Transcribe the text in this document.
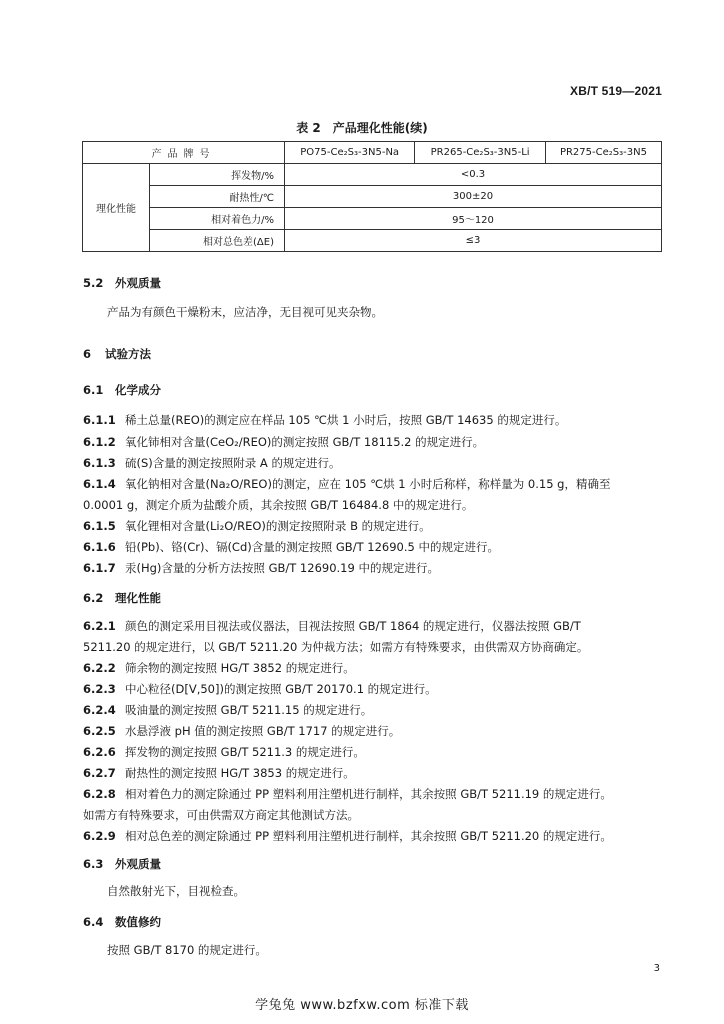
XB/T 519—2021
表 2　产品理化性能(续)
产品牌号		PO75-Ce₂S₃-3N5-Na	PR265-Ce₂S₃-3N5-Li	PR275-Ce₂S₃-3N5
理化性能	挥发物/%	<0.3		
	耐热性/℃	300±20		
	相对着色力/%	95～120		
	相对总色差(ΔE)	≤3		
5.2 外观质量
产品为有颜色干燥粉末，应洁净，无目视可见夹杂物。
6 试验方法
6.1 化学成分
6.1.1 稀土总量(REO)的测定应在样品 105 ℃烘 1 小时后，按照 GB/T 14635 的规定进行。
6.1.2 氧化铈相对含量(CeO₂/REO)的测定按照 GB/T 18115.2 的规定进行。
6.1.3 硫(S)含量的测定按照附录 A 的规定进行。
6.1.4 氧化钠相对含量(Na₂O/REO)的测定，应在 105 ℃烘 1 小时后称样，称样量为 0.15 g，精确至
0.0001 g，测定介质为盐酸介质，其余按照 GB/T 16484.8 中的规定进行。
6.1.5 氧化锂相对含量(Li₂O/REO)的测定按照附录 B 的规定进行。
6.1.6 铅(Pb)、铬(Cr)、镉(Cd)含量的测定按照 GB/T 12690.5 中的规定进行。
6.1.7 汞(Hg)含量的分析方法按照 GB/T 12690.19 中的规定进行。
6.2 理化性能
6.2.1 颜色的测定采用目视法或仪器法，目视法按照 GB/T 1864 的规定进行，仪器法按照 GB/T
5211.20 的规定进行，以 GB/T 5211.20 为仲裁方法；如需方有特殊要求，由供需双方协商确定。
6.2.2 筛余物的测定按照 HG/T 3852 的规定进行。
6.2.3 中心粒径(D[V,50])的测定按照 GB/T 20170.1 的规定进行。
6.2.4 吸油量的测定按照 GB/T 5211.15 的规定进行。
6.2.5 水悬浮液 pH 值的测定按照 GB/T 1717 的规定进行。
6.2.6 挥发物的测定按照 GB/T 5211.3 的规定进行。
6.2.7 耐热性的测定按照 HG/T 3853 的规定进行。
6.2.8 相对着色力的测定除通过 PP 塑料利用注塑机进行制样，其余按照 GB/T 5211.19 的规定进行。
如需方有特殊要求，可由供需双方商定其他测试方法。
6.2.9 相对总色差的测定除通过 PP 塑料利用注塑机进行制样，其余按照 GB/T 5211.20 的规定进行。
6.3 外观质量
自然散射光下，目视检查。
6.4 数值修约
按照 GB/T 8170 的规定进行。
3
学兔兔 www.bzfxw.com 标准下载
